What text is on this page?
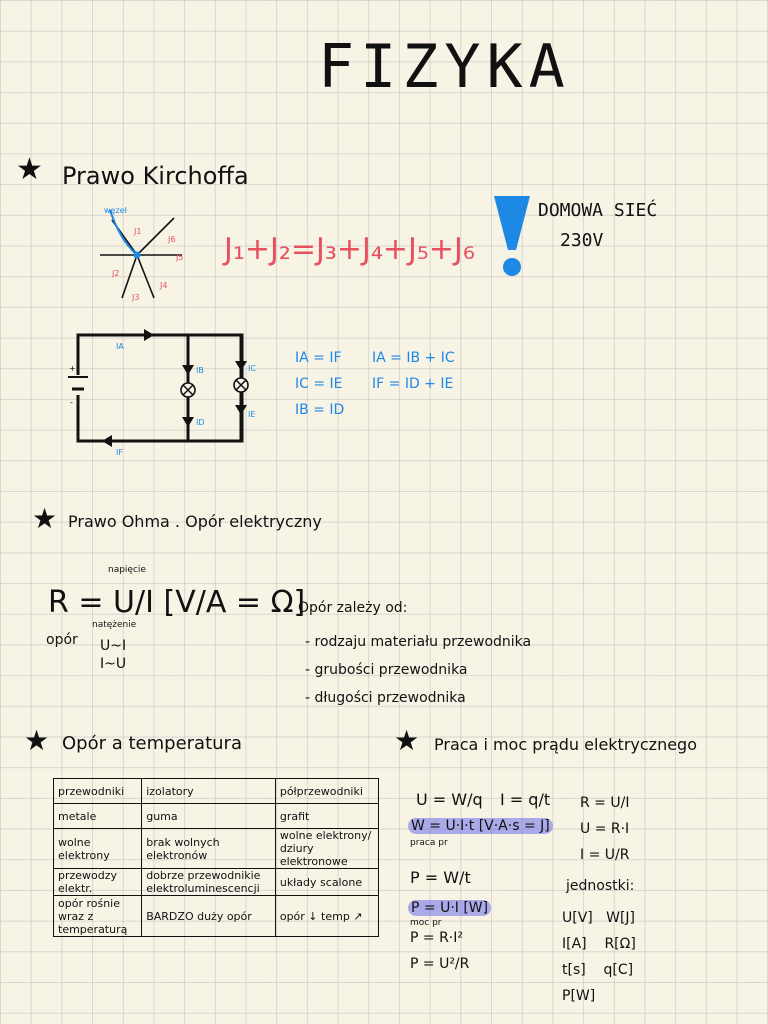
FIZYKA
★ Prawo Kirchoffa
węzeł
J1
J6
J5
J4
J3
J2
J₁+J₂=J₃+J₄+J₅+J₆
DOMOWA SIEĆ
230V
IA
IB
ID
IC
IE
IF
+
-
IA = IF
IC = IE
IB = ID
IA = IB + IC
IF = ID + IE
★ Prawo Ohma . Opór elektryczny
napięcie
R = U/I [V/A = Ω]
natężenie
opór U~I
I~U
Opór zależy od:
- rodzaju materiału przewodnika
- grubości przewodnika
- długości przewodnika
★ Opór a temperatura
przewodniki	izolatory	półprzewodniki
metale	guma	grafit
wolne elektrony	brak wolnych elektronów	wolne elektrony/ dziury elektronowe
przewodzy elektr.	dobrze przewodnikie elektroluminescencji	układy scalone
opór rośnie wraz z temperaturą	BARDZO duży opór	opór ↓ temp ↗
★ Praca i moc prądu elektrycznego
U = W/q I = q/t
W = U·I·t [V·A·s = J]
praca pr
P = W/t
P = U·I [W]
moc pr
P = R·I²
P = U²/R
R = U/I
U = R·I
I = U/R
jednostki:
U[V] W[J]
I[A] R[Ω]
t[s] q[C]
P[W]
